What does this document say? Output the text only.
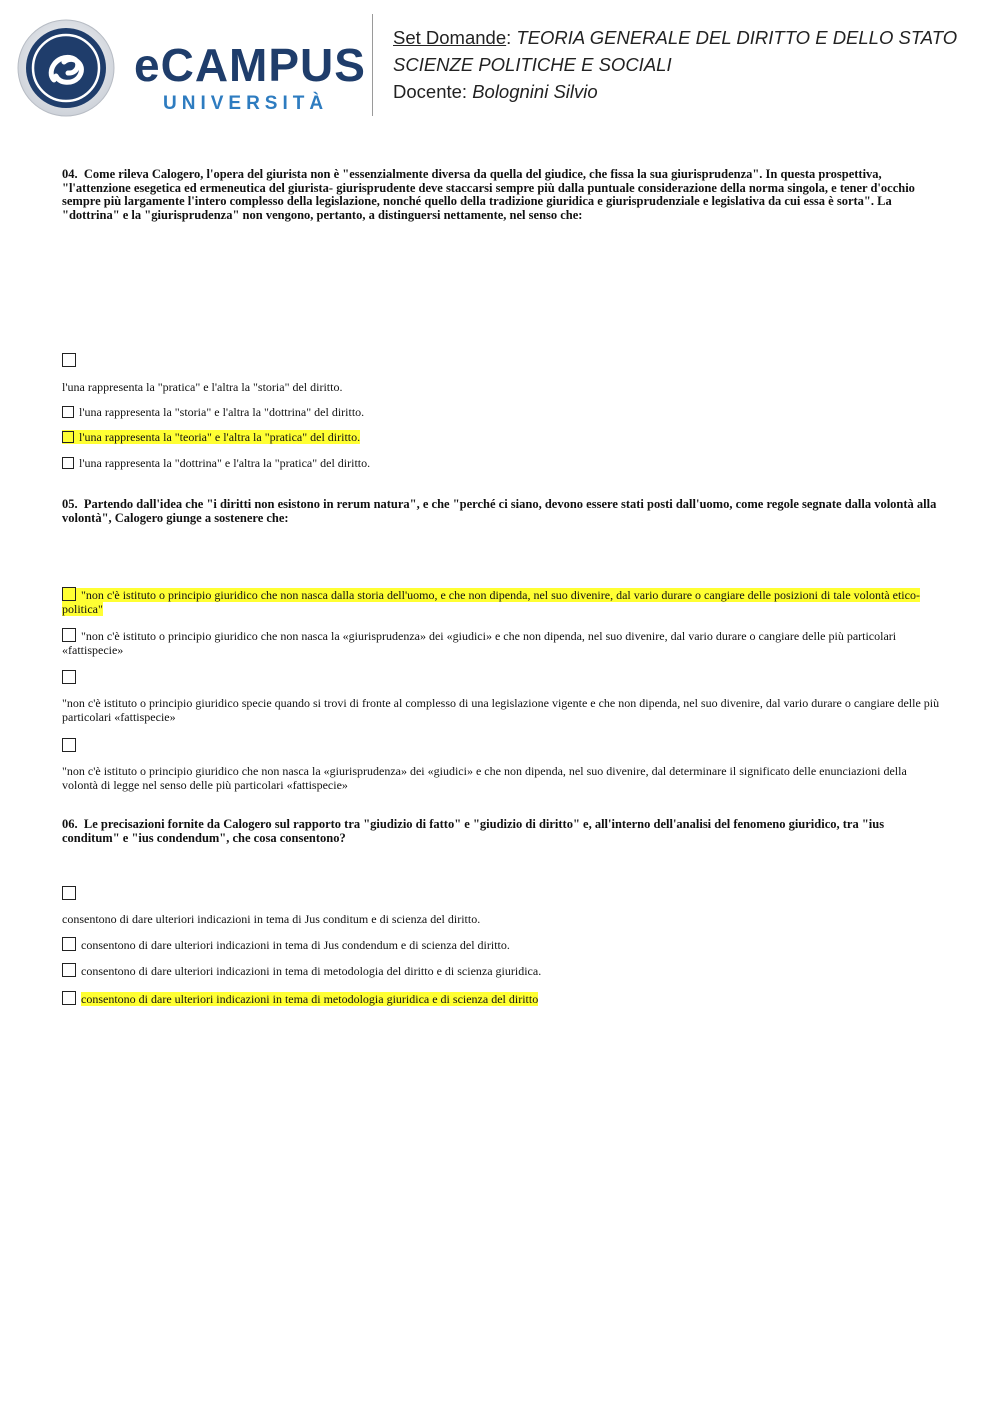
eCAMPUS
UNIVERSITÀ
Set Domande: TEORIA GENERALE DEL DIRITTO E DELLO STATO
SCIENZE POLITICHE E SOCIALI
Docente: Bolognini Silvio
04. Come rileva Calogero, l'opera del giurista non è "essenzialmente diversa da quella del giudice, che fissa la sua giurisprudenza". In questa prospettiva, "l'attenzione esegetica ed ermeneutica del giurista- giurisprudente deve staccarsi sempre più dalla puntuale considerazione della norma singola, e tener d'occhio sempre più largamente l'intero complesso della legislazione, nonché quello della tradizione giuridica e giurisprudenziale e legislativa da cui essa è sorta". La "dottrina" e la "giurisprudenza" non vengono, pertanto, a distinguersi nettamente, nel senso che:
l'una rappresenta la "pratica" e l'altra la "storia" del diritto.
l'una rappresenta la "storia" e l'altra la "dottrina" del diritto.
l'una rappresenta la "teoria" e l'altra la "pratica" del diritto.
l'una rappresenta la "dottrina" e l'altra la "pratica" del diritto.
05. Partendo dall'idea che "i diritti non esistono in rerum natura", e che "perché ci siano, devono essere stati posti dall'uomo, come regole segnate dalla volontà alla volontà", Calogero giunge a sostenere che:
"non c'è istituto o principio giuridico che non nasca dalla storia dell'uomo, e che non dipenda, nel suo divenire, dal vario durare o cangiare delle posizioni di tale volontà etico-politica"
"non c'è istituto o principio giuridico che non nasca la «giurisprudenza» dei «giudici» e che non dipenda, nel suo divenire, dal vario durare o cangiare delle più particolari «fattispecie»
"non c'è istituto o principio giuridico specie quando si trovi di fronte al complesso di una legislazione vigente e che non dipenda, nel suo divenire, dal vario durare o cangiare delle più particolari «fattispecie»
"non c'è istituto o principio giuridico che non nasca la «giurisprudenza» dei «giudici» e che non dipenda, nel suo divenire, dal determinare il significato delle enunciazioni della volontà di legge nel senso delle più particolari «fattispecie»
06. Le precisazioni fornite da Calogero sul rapporto tra "giudizio di fatto" e "giudizio di diritto" e, all'interno dell'analisi del fenomeno giuridico, tra "ius conditum" e "ius condendum", che cosa consentono?
consentono di dare ulteriori indicazioni in tema di Jus conditum e di scienza del diritto.
consentono di dare ulteriori indicazioni in tema di Jus condendum e di scienza del diritto.
consentono di dare ulteriori indicazioni in tema di metodologia del diritto e di scienza giuridica.
consentono di dare ulteriori indicazioni in tema di metodologia giuridica e di scienza del diritto
